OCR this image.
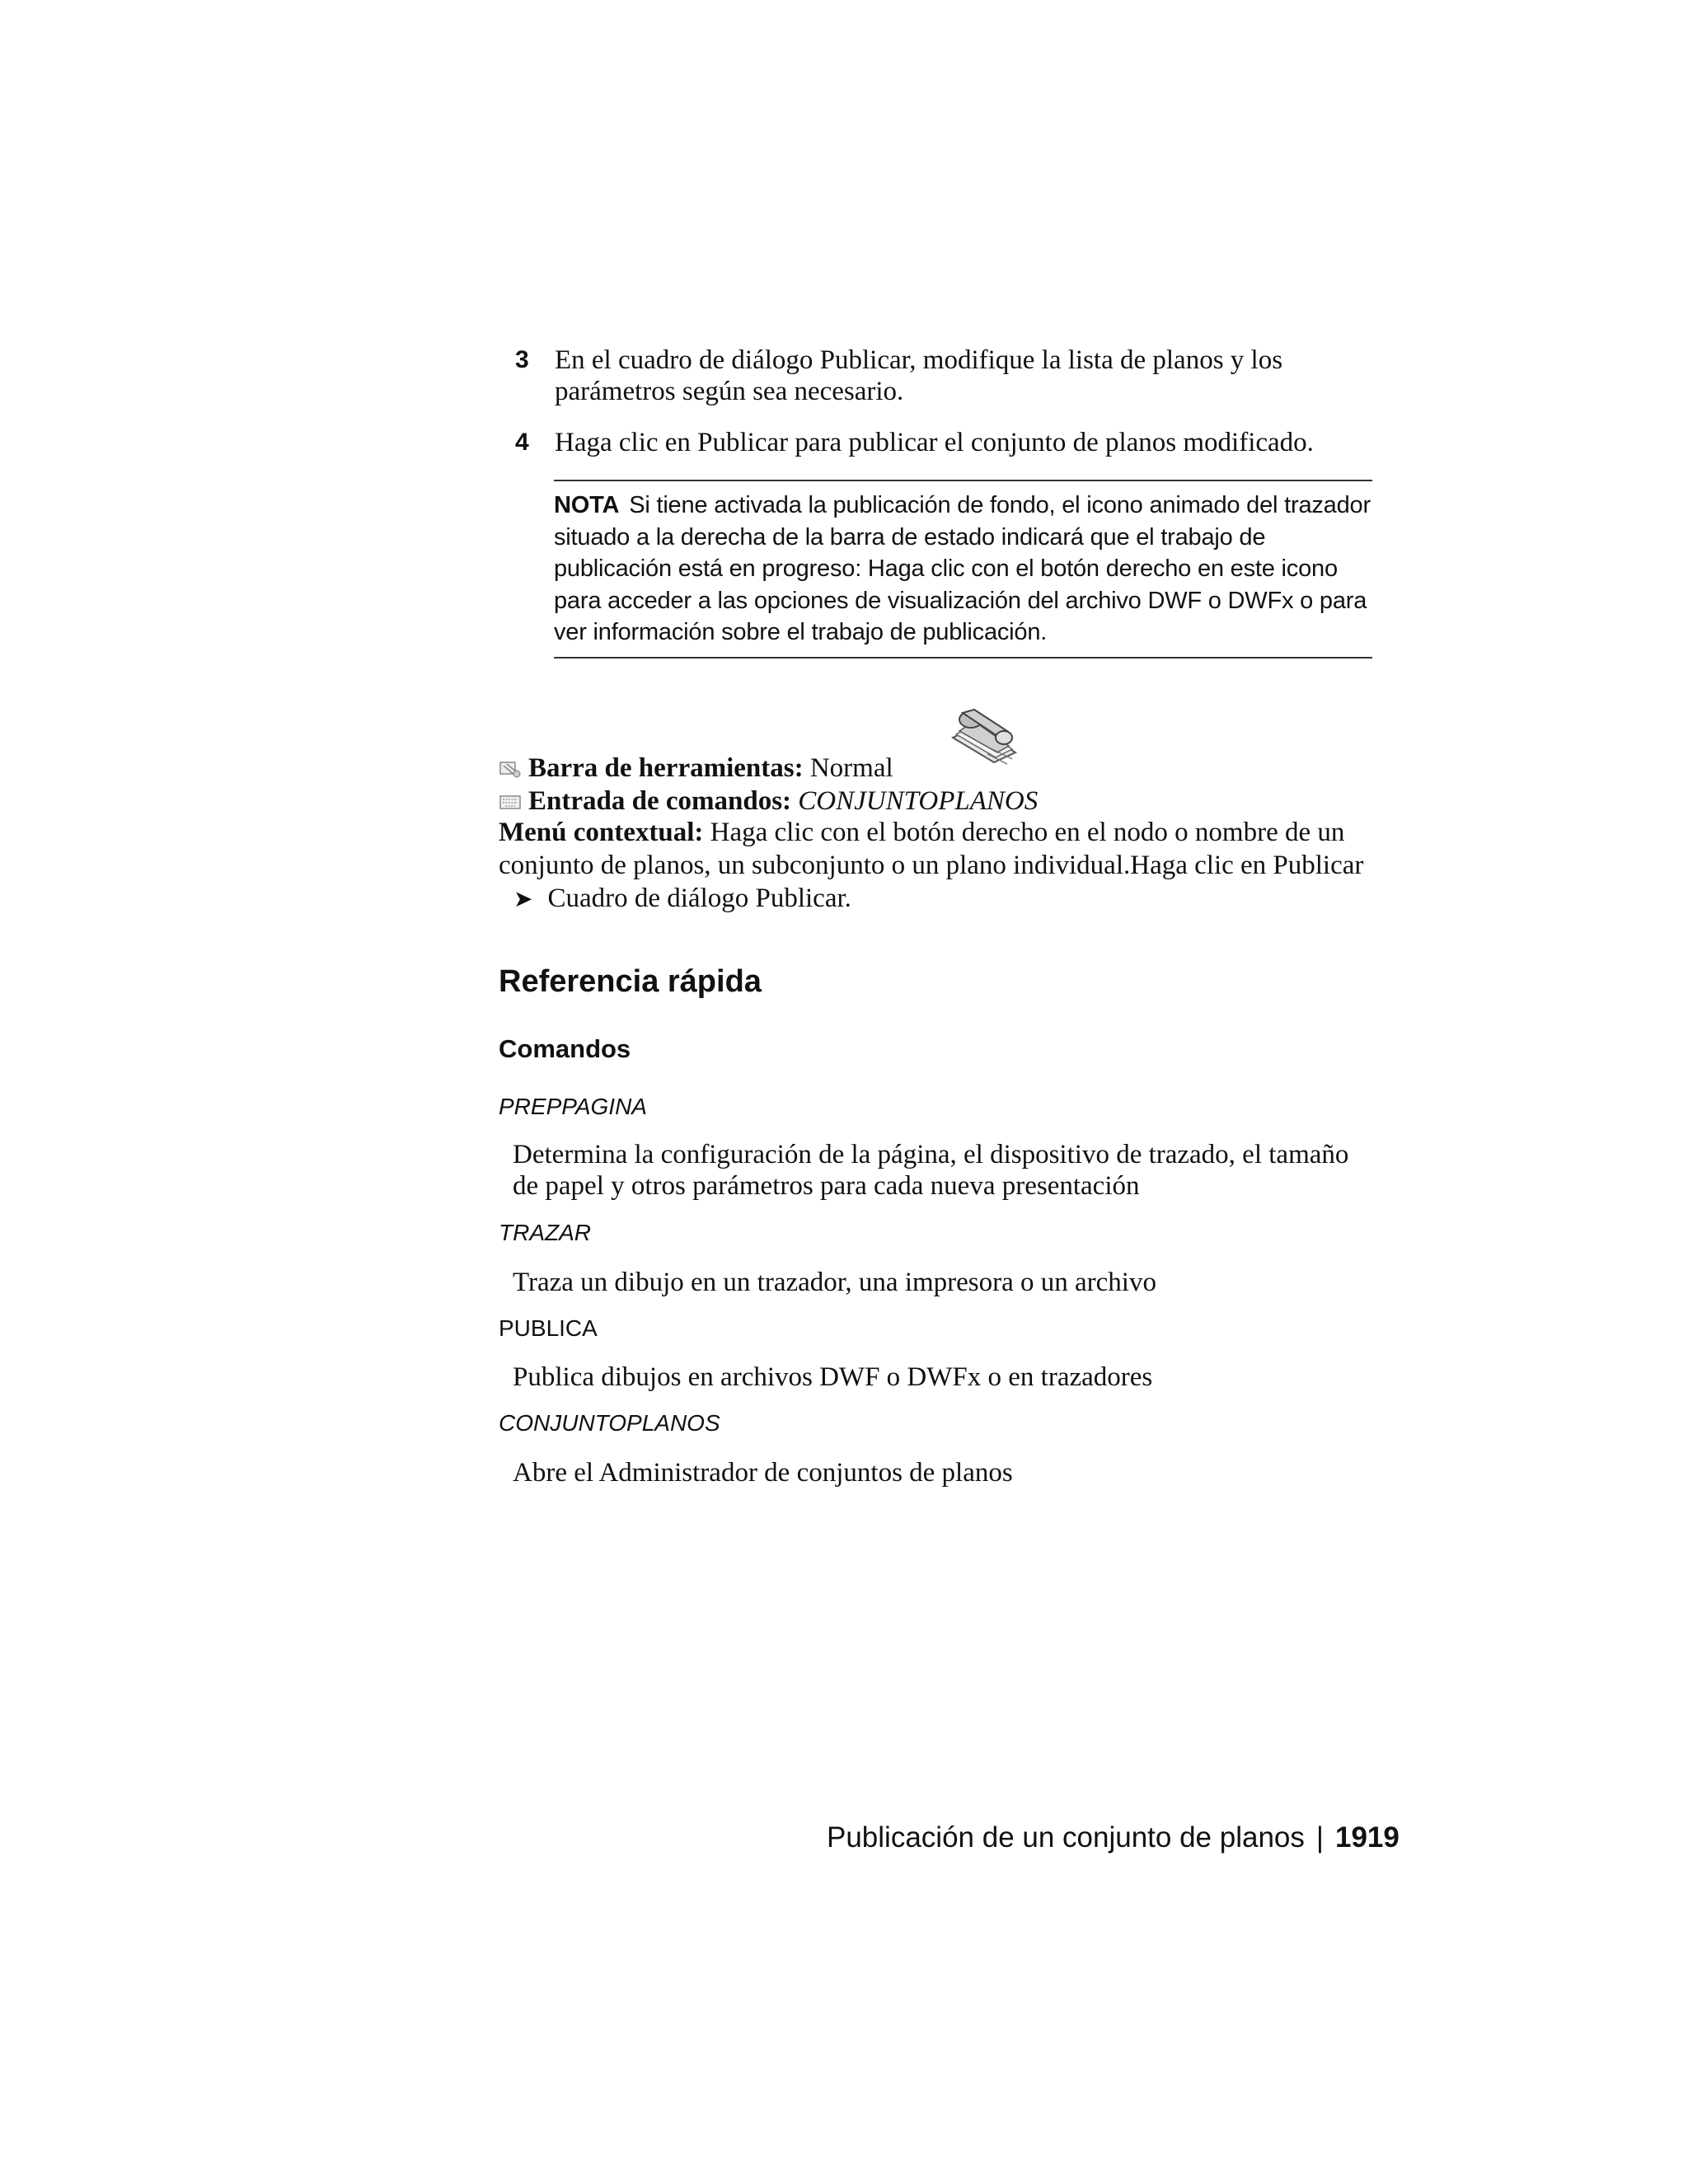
3 En el cuadro de diálogo Publicar, modifique la lista de planos y los parámetros según sea necesario.
4 Haga clic en Publicar para publicar el conjunto de planos modificado.
NOTA Si tiene activada la publicación de fondo, el icono animado del trazador situado a la derecha de la barra de estado indicará que el trabajo de publicación está en progreso: Haga clic con el botón derecho en este icono para acceder a las opciones de visualización del archivo DWF o DWFx o para ver información sobre el trabajo de publicación.
Barra de herramientas: Normal
Entrada de comandos: CONJUNTOPLANOS
Menú contextual: Haga clic con el botón derecho en el nodo o nombre de un conjunto de planos, un subconjunto o un plano individual.Haga clic en Publicar➤ Cuadro de diálogo Publicar.
Referencia rápida
Comandos
PREPPAGINA
Determina la configuración de la página, el dispositivo de trazado, el tamaño de papel y otros parámetros para cada nueva presentación
TRAZAR
Traza un dibujo en un trazador, una impresora o un archivo
PUBLICA
Publica dibujos en archivos DWF o DWFx o en trazadores
CONJUNTOPLANOS
Abre el Administrador de conjuntos de planos
Publicación de un conjunto de planos | 1919
